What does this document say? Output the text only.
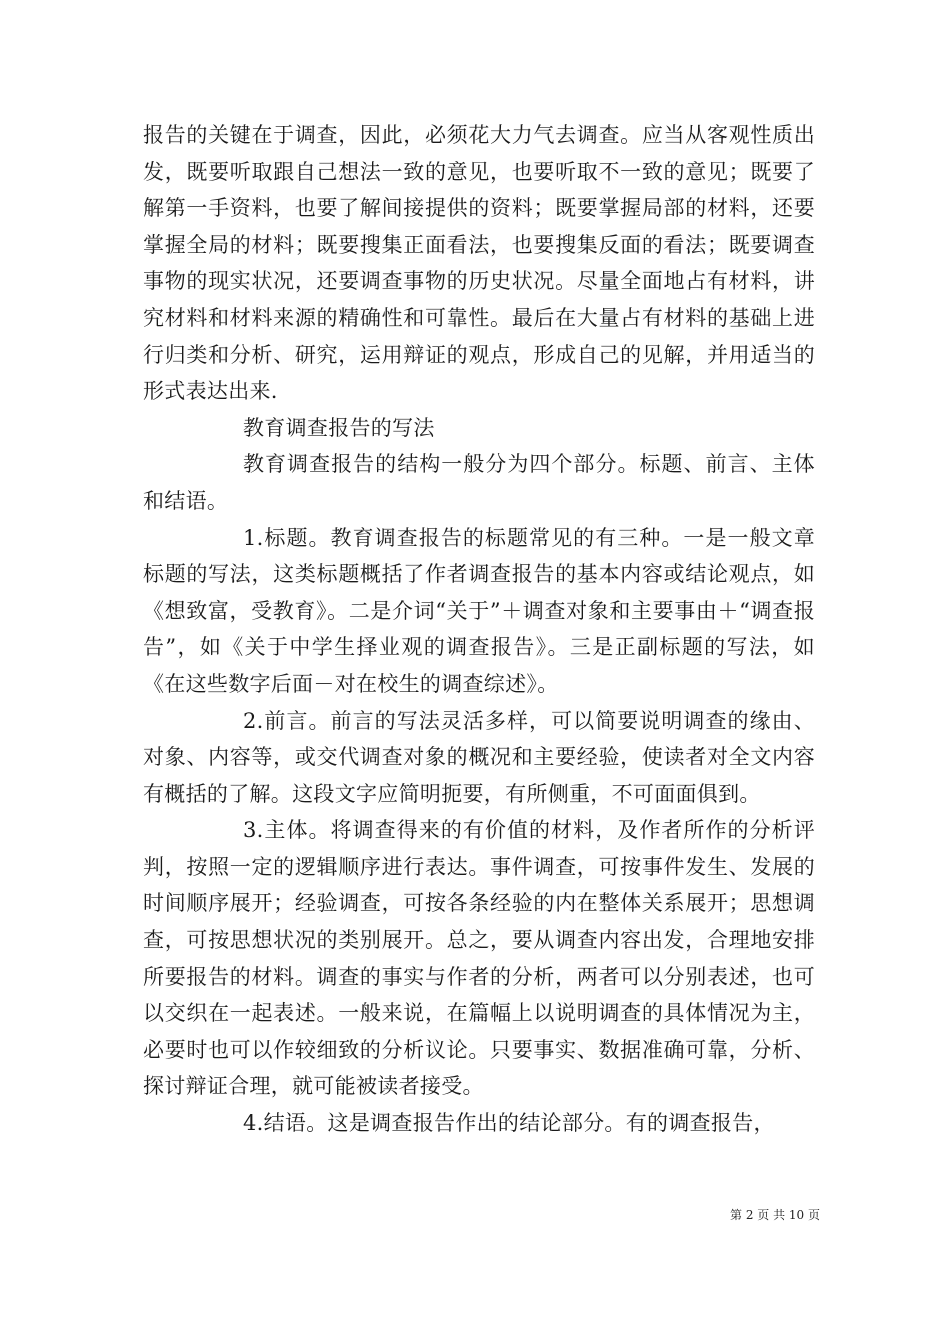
报告的关键在于调查，因此，必须花大力气去调查。应当从客观性质出发，既要听取跟自己想法一致的意见，也要听取不一致的意见；既要了解第一手资料，也要了解间接提供的资料；既要掌握局部的材料，还要掌握全局的材料；既要搜集正面看法，也要搜集反面的看法；既要调查事物的现实状况，还要调查事物的历史状况。尽量全面地占有材料，讲究材料和材料来源的精确性和可靠性。最后在大量占有材料的基础上进行归类和分析、研究，运用辩证的观点，形成自己的见解，并用适当的形式表达出来.

教育调查报告的写法

教育调查报告的结构一般分为四个部分。标题、前言、主体和结语。

1.标题。教育调查报告的标题常见的有三种。一是一般文章标题的写法，这类标题概括了作者调查报告的基本内容或结论观点，如《想致富，受教育》。二是介词“关于”＋调查对象和主要事由＋“调查报告”，如《关于中学生择业观的调查报告》。三是正副标题的写法，如《在这些数字后面－对在校生的调查综述》。

2.前言。前言的写法灵活多样，可以简要说明调查的缘由、对象、内容等，或交代调查对象的概况和主要经验，使读者对全文内容有概括的了解。这段文字应简明扼要，有所侧重，不可面面俱到。

3.主体。将调查得来的有价值的材料，及作者所作的分析评判，按照一定的逻辑顺序进行表达。事件调查，可按事件发生、发展的时间顺序展开；经验调查，可按各条经验的内在整体关系展开；思想调查，可按思想状况的类别展开。总之，要从调查内容出发，合理地安排所要报告的材料。调查的事实与作者的分析，两者可以分别表述，也可以交织在一起表述。一般来说，在篇幅上以说明调查的具体情况为主，必要时也可以作较细致的分析议论。只要事实、数据准确可靠，分析、探讨辩证合理，就可能被读者接受。

4.结语。这是调查报告作出的结论部分。有的调查报告，

第 2 页 共 10 页
